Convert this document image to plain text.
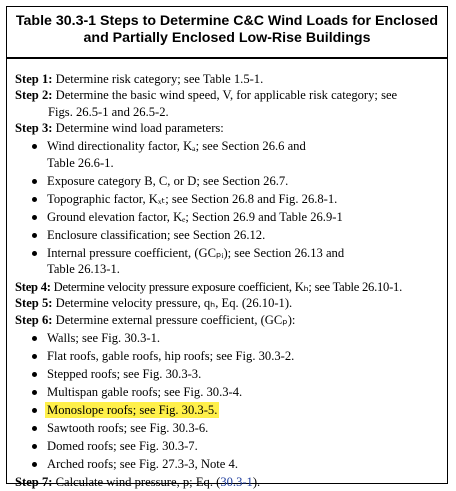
Table 30.3-1 Steps to Determine C&C Wind Loads for Enclosed
and Partially Enclosed Low-Rise Buildings
Step 1: Determine risk category; see Table 1.5-1.
Step 2: Determine the basic wind speed, V, for applicable risk category; see
Figs. 26.5-1 and 26.5-2.
Step 3: Determine wind load parameters:
Wind directionality factor, Kₐ; see Section 26.6 and
Table 26.6-1.
Exposure category B, C, or D; see Section 26.7.
Topographic factor, Kₓₜ; see Section 26.8 and Fig. 26.8-1.
Ground elevation factor, Kₑ; Section 26.9 and Table 26.9-1
Enclosure classification; see Section 26.12.
Internal pressure coefficient, (GCₚᵢ); see Section 26.13 and
Table 26.13-1.
Step 4: Determine velocity pressure exposure coefficient, Kₕ; see Table 26.10-1.
Step 5: Determine velocity pressure, qₕ, Eq. (26.10-1).
Step 6: Determine external pressure coefficient, (GCₚ):
Walls; see Fig. 30.3-1.
Flat roofs, gable roofs, hip roofs; see Fig. 30.3-2.
Stepped roofs; see Fig. 30.3-3.
Multispan gable roofs; see Fig. 30.3-4.
Monoslope roofs; see Fig. 30.3-5.
Sawtooth roofs; see Fig. 30.3-6.
Domed roofs; see Fig. 30.3-7.
Arched roofs; see Fig. 27.3-3, Note 4.
Step 7: Calculate wind pressure, p; Eq. (30.3-1).
